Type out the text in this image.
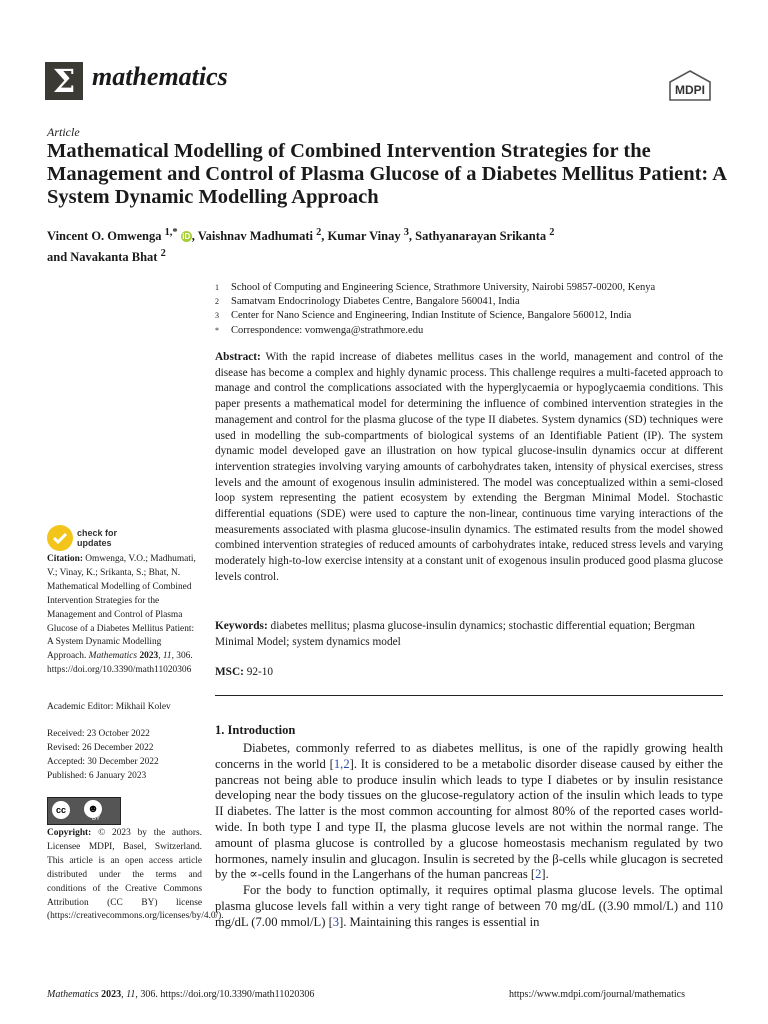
Σ mathematics	MDPI
Article
Mathematical Modelling of Combined Intervention Strategies for the Management and Control of Plasma Glucose of a Diabetes Mellitus Patient: A System Dynamic Modelling Approach
Vincent O. Omwenga $^{1,*}$ iD , Vaishnav Madhumati $^2$, Kumar Vinay $^3$, Sathyanarayan Srikanta $^2$
and Navakanta Bhat $^2$
1	School of Computing and Engineering Science, Strathmore University, Nairobi 59857-00200, Kenya
2	Samatvam Endocrinology Diabetes Centre, Bangalore 560041, India
3	Center for Nano Science and Engineering, Indian Institute of Science, Bangalore 560012, India
*	Correspondence: vomwenga@strathmore.edu
Abstract: With the rapid increase of diabetes mellitus cases in the world, management and control of the disease has become a complex and highly dynamic process. This challenge requires a multi-faceted approach to manage and control the complications associated with the hyperglycaemia or hypoglycaemia conditions. This paper presents a mathematical model for determining the influence of combined intervention strategies in the management and control for the plasma glucose of the type II diabetes. System dynamics (SD) techniques were used in modelling the sub-compartments of biological systems of an Identifiable Patient (IP). The system dynamic model developed gave an illustration on how typical glucose-insulin dynamics occur at different intervention strategies involving varying amounts of carbohydrates taken, intensity of physical exercises, stress levels and the amount of exogenous insulin administered. The model was conceptualized within a semi-closed loop system representing the patient ecosystem by extending the Bergman Minimal Model. Stochastic differential equations (SDE) were used to capture the non-linear, continuous time varying interactions of the measurements associated with plasma glucose-insulin dynamics. The estimated results from the model showed combined intervention strategies of reduced amounts of carbohydrates intake, reduced stress levels and varying moderately high-to-low exercise intensity at a constant unit of exogenous insulin produced good plasma glucose levels control.
Keywords: diabetes mellitus; plasma glucose-insulin dynamics; stochastic differential equation; Bergman Minimal Model; system dynamics model
MSC: 92-10
1. Introduction

Diabetes, commonly referred to as diabetes mellitus, is one of the rapidly growing health concerns in the world [1,2]. It is considered to be a metabolic disorder disease caused by either the pancreas not being able to produce insulin which leads to type I diabetes or by insulin resistance developing near the body tissues on the glucose-regulatory action of the insulin which leads to type II diabetes. The latter is the most common accounting for almost 80% of the reported cases world-wide. In both type I and type II, the plasma glucose levels are not within the normal range. The amount of plasma glucose is controlled by a glucose homeostasis mechanism regulated by two hormones, namely insulin and glucagon. Insulin is secreted by the β-cells while glucagon is secreted by the ∝-cells found in the Langerhans of the human pancreas [2].

For the body to function optimally, it requires optimal plasma glucose levels. The optimal plasma glucose levels fall within a very tight range of between 70 mg/dL ((3.90 mmol/L) and 110 mg/dL (7.00 mmol/L) [3]. Maintaining this ranges is essential in

check for
updates
Citation: Omwenga, V.O.; Madhumati, V.; Vinay, K.; Srikanta, S.; Bhat, N. Mathematical Modelling of Combined Intervention Strategies for the Management and Control of Plasma Glucose of a Diabetes Mellitus Patient: A System Dynamic Modelling Approach. Mathematics 2023, 11, 306. https://doi.org/10.3390/math11020306
Academic Editor: Mikhail Kolev
Received: 23 October 2022
Revised: 26 December 2022
Accepted: 30 December 2022
Published: 6 January 2023
cc	☻
BY
Copyright: © 2023 by the authors. Licensee MDPI, Basel, Switzerland. This article is an open access article distributed under the terms and conditions of the Creative Commons Attribution (CC BY) license (https://creativecommons.org/licenses/by/4.0/).
Mathematics 2023, 11, 306. https://doi.org/10.3390/math11020306	https://www.mdpi.com/journal/mathematics
